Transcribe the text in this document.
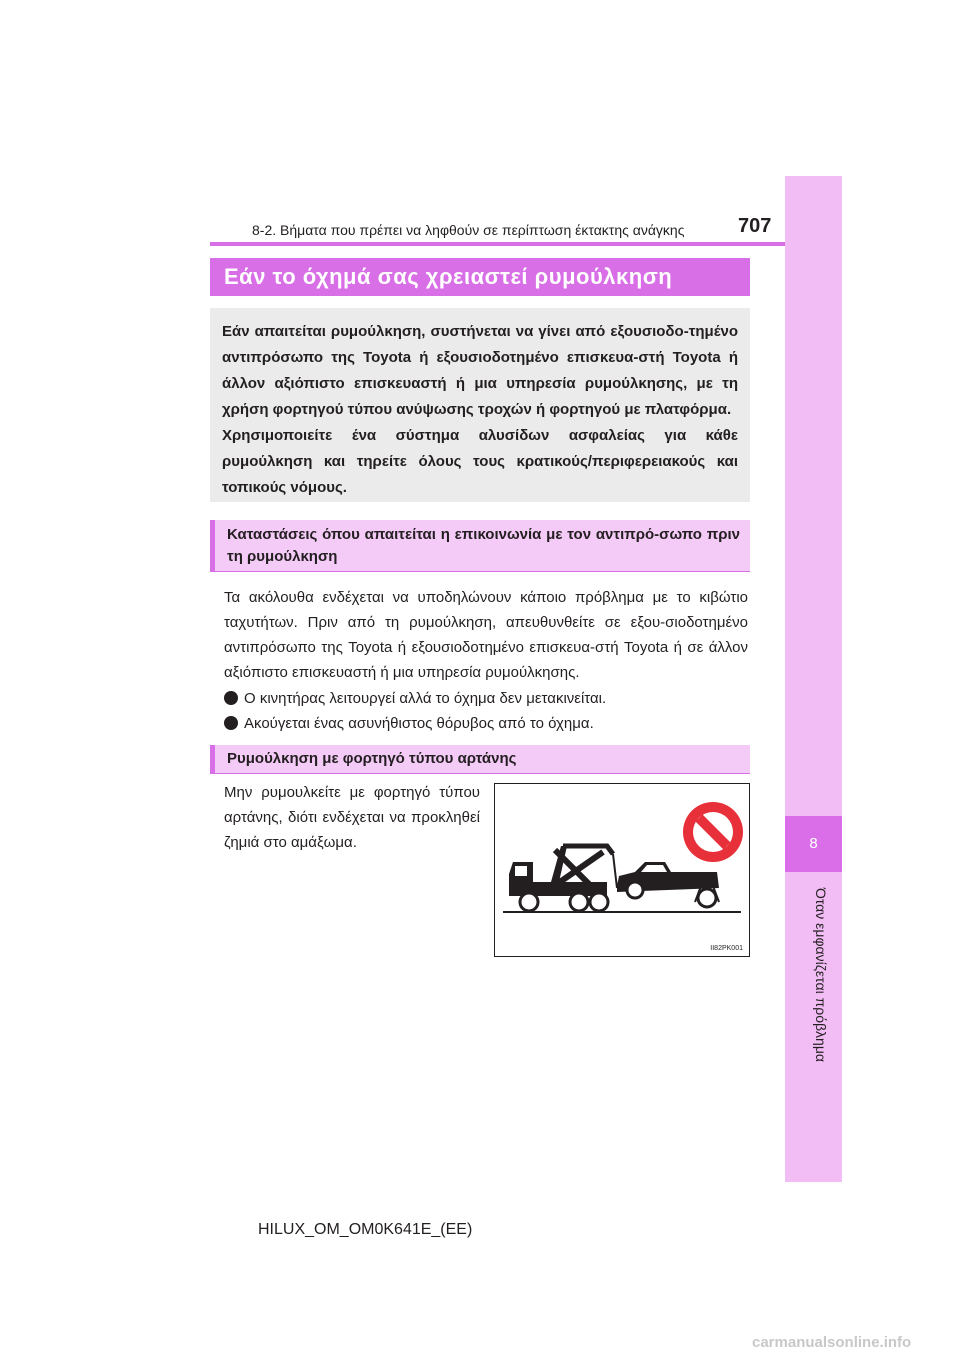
8
Όταν εμφανίζεται πρόβλημα
8-2. Βήματα που πρέπει να ληφθούν σε περίπτωση έκτακτης ανάγκης	707
Εάν το όχημά σας χρειαστεί ρυμούλκηση

Εάν απαιτείται ρυμούλκηση, συστήνεται να γίνει από εξουσιοδο-τημένο αντιπρόσωπο της Toyota ή εξουσιοδοτημένο επισκευα-στή Toyota ή άλλον αξιόπιστο επισκευαστή ή μια υπηρεσία ρυμούλκησης, με τη χρήση φορτηγού τύπου ανύψωσης τροχών ή φορτηγού με πλατφόρμα.

Χρησιμοποιείτε ένα σύστημα αλυσίδων ασφαλείας για κάθε ρυμούλκηση και τηρείτε όλους τους κρατικούς/περιφερειακούς και τοπικούς νόμους.

Καταστάσεις όπου απαιτείται η επικοινωνία με τον αντιπρό-σωπο πριν τη ρυμούλκηση

Τα ακόλουθα ενδέχεται να υποδηλώνουν κάποιο πρόβλημα με το κιβώτιο ταχυτήτων. Πριν από τη ρυμούλκηση, απευθυνθείτε σε εξου-σιοδοτημένο αντιπρόσωπο της Toyota ή εξουσιοδοτημένο επισκευα-στή Toyota ή σε άλλον αξιόπιστο επισκευαστή ή μια υπηρεσία ρυμούλκησης.

Ο κινητήρας λειτουργεί αλλά το όχημα δεν μετακινείται.
Ακούγεται ένας ασυνήθιστος θόρυβος από το όχημα.
Ρυμούλκηση με φορτηγό τύπου αρτάνης
Μην ρυμουλκείτε με φορτηγό τύπου αρτάνης, διότι ενδέχεται να προκληθεί ζημιά στο αμάξωμα.
II82PK001
HILUX_OM_OM0K641E_(EE)
carmanualsonline.info
